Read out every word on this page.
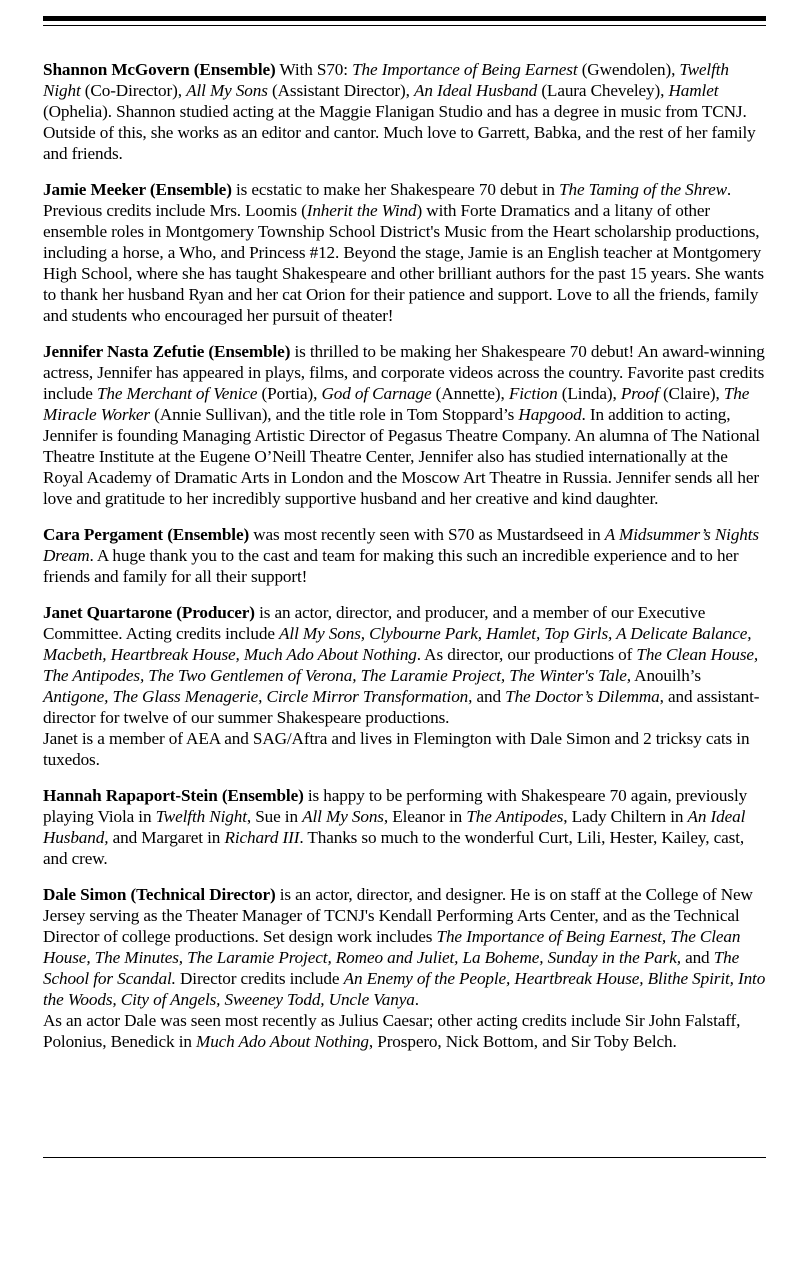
Shannon McGovern (Ensemble) With S70: The Importance of Being Earnest (Gwendolen), Twelfth Night (Co-Director), All My Sons (Assistant Director), An Ideal Husband (Laura Cheveley), Hamlet (Ophelia). Shannon studied acting at the Maggie Flanigan Studio and has a degree in music from TCNJ. Outside of this, she works as an editor and cantor. Much love to Garrett, Babka, and the rest of her family and friends.

Jamie Meeker (Ensemble) is ecstatic to make her Shakespeare 70 debut in The Taming of the Shrew. Previous credits include Mrs. Loomis (Inherit the Wind) with Forte Dramatics and a litany of other ensemble roles in Montgomery Township School District's Music from the Heart scholarship productions, including a horse, a Who, and Princess #12. Beyond the stage, Jamie is an English teacher at Montgomery High School, where she has taught Shakespeare and other brilliant authors for the past 15 years. She wants to thank her husband Ryan and her cat Orion for their patience and support. Love to all the friends, family and students who encouraged her pursuit of theater!

Jennifer Nasta Zefutie (Ensemble) is thrilled to be making her Shakespeare 70 debut! An award-winning actress, Jennifer has appeared in plays, films, and corporate videos across the country. Favorite past credits include The Merchant of Venice (Portia), God of Carnage (Annette), Fiction (Linda), Proof (Claire), The Miracle Worker (Annie Sullivan), and the title role in Tom Stoppard’s Hapgood. In addition to acting, Jennifer is founding Managing Artistic Director of Pegasus Theatre Company. An alumna of The National Theatre Institute at the Eugene O’Neill Theatre Center, Jennifer also has studied internationally at the Royal Academy of Dramatic Arts in London and the Moscow Art Theatre in Russia. Jennifer sends all her love and gratitude to her incredibly supportive husband and her creative and kind daughter.

Cara Pergament (Ensemble) was most recently seen with S70 as Mustardseed in A Midsummer’s Nights Dream. A huge thank you to the cast and team for making this such an incredible experience and to her friends and family for all their support!

Janet Quartarone (Producer) is an actor, director, and producer, and a member of our Executive Committee. Acting credits include All My Sons, Clybourne Park, Hamlet, Top Girls, A Delicate Balance, Macbeth, Heartbreak House, Much Ado About Nothing. As director, our productions of The Clean House, The Antipodes, The Two Gentlemen of Verona, The Laramie Project, The Winter's Tale, Anouilh’s Antigone, The Glass Menagerie, Circle Mirror Transformation, and The Doctor’s Dilemma, and assistant-director for twelve of our summer Shakespeare productions.
Janet is a member of AEA and SAG/Aftra and lives in Flemington with Dale Simon and 2 tricksy cats in tuxedos.

Hannah Rapaport-Stein (Ensemble) is happy to be performing with Shakespeare 70 again, previously playing Viola in Twelfth Night, Sue in All My Sons, Eleanor in The Antipodes, Lady Chiltern in An Ideal Husband, and Margaret in Richard III. Thanks so much to the wonderful Curt, Lili, Hester, Kailey, cast, and crew.

Dale Simon (Technical Director) is an actor, director, and designer. He is on staff at the College of New Jersey serving as the Theater Manager of TCNJ's Kendall Performing Arts Center, and as the Technical Director of college productions. Set design work includes The Importance of Being Earnest, The Clean House, The Minutes, The Laramie Project, Romeo and Juliet, La Boheme, Sunday in the Park, and The School for Scandal. Director credits include An Enemy of the People, Heartbreak House, Blithe Spirit, Into the Woods, City of Angels, Sweeney Todd, Uncle Vanya.
As an actor Dale was seen most recently as Julius Caesar; other acting credits include Sir John Falstaff, Polonius, Benedick in Much Ado About Nothing, Prospero, Nick Bottom, and Sir Toby Belch.
